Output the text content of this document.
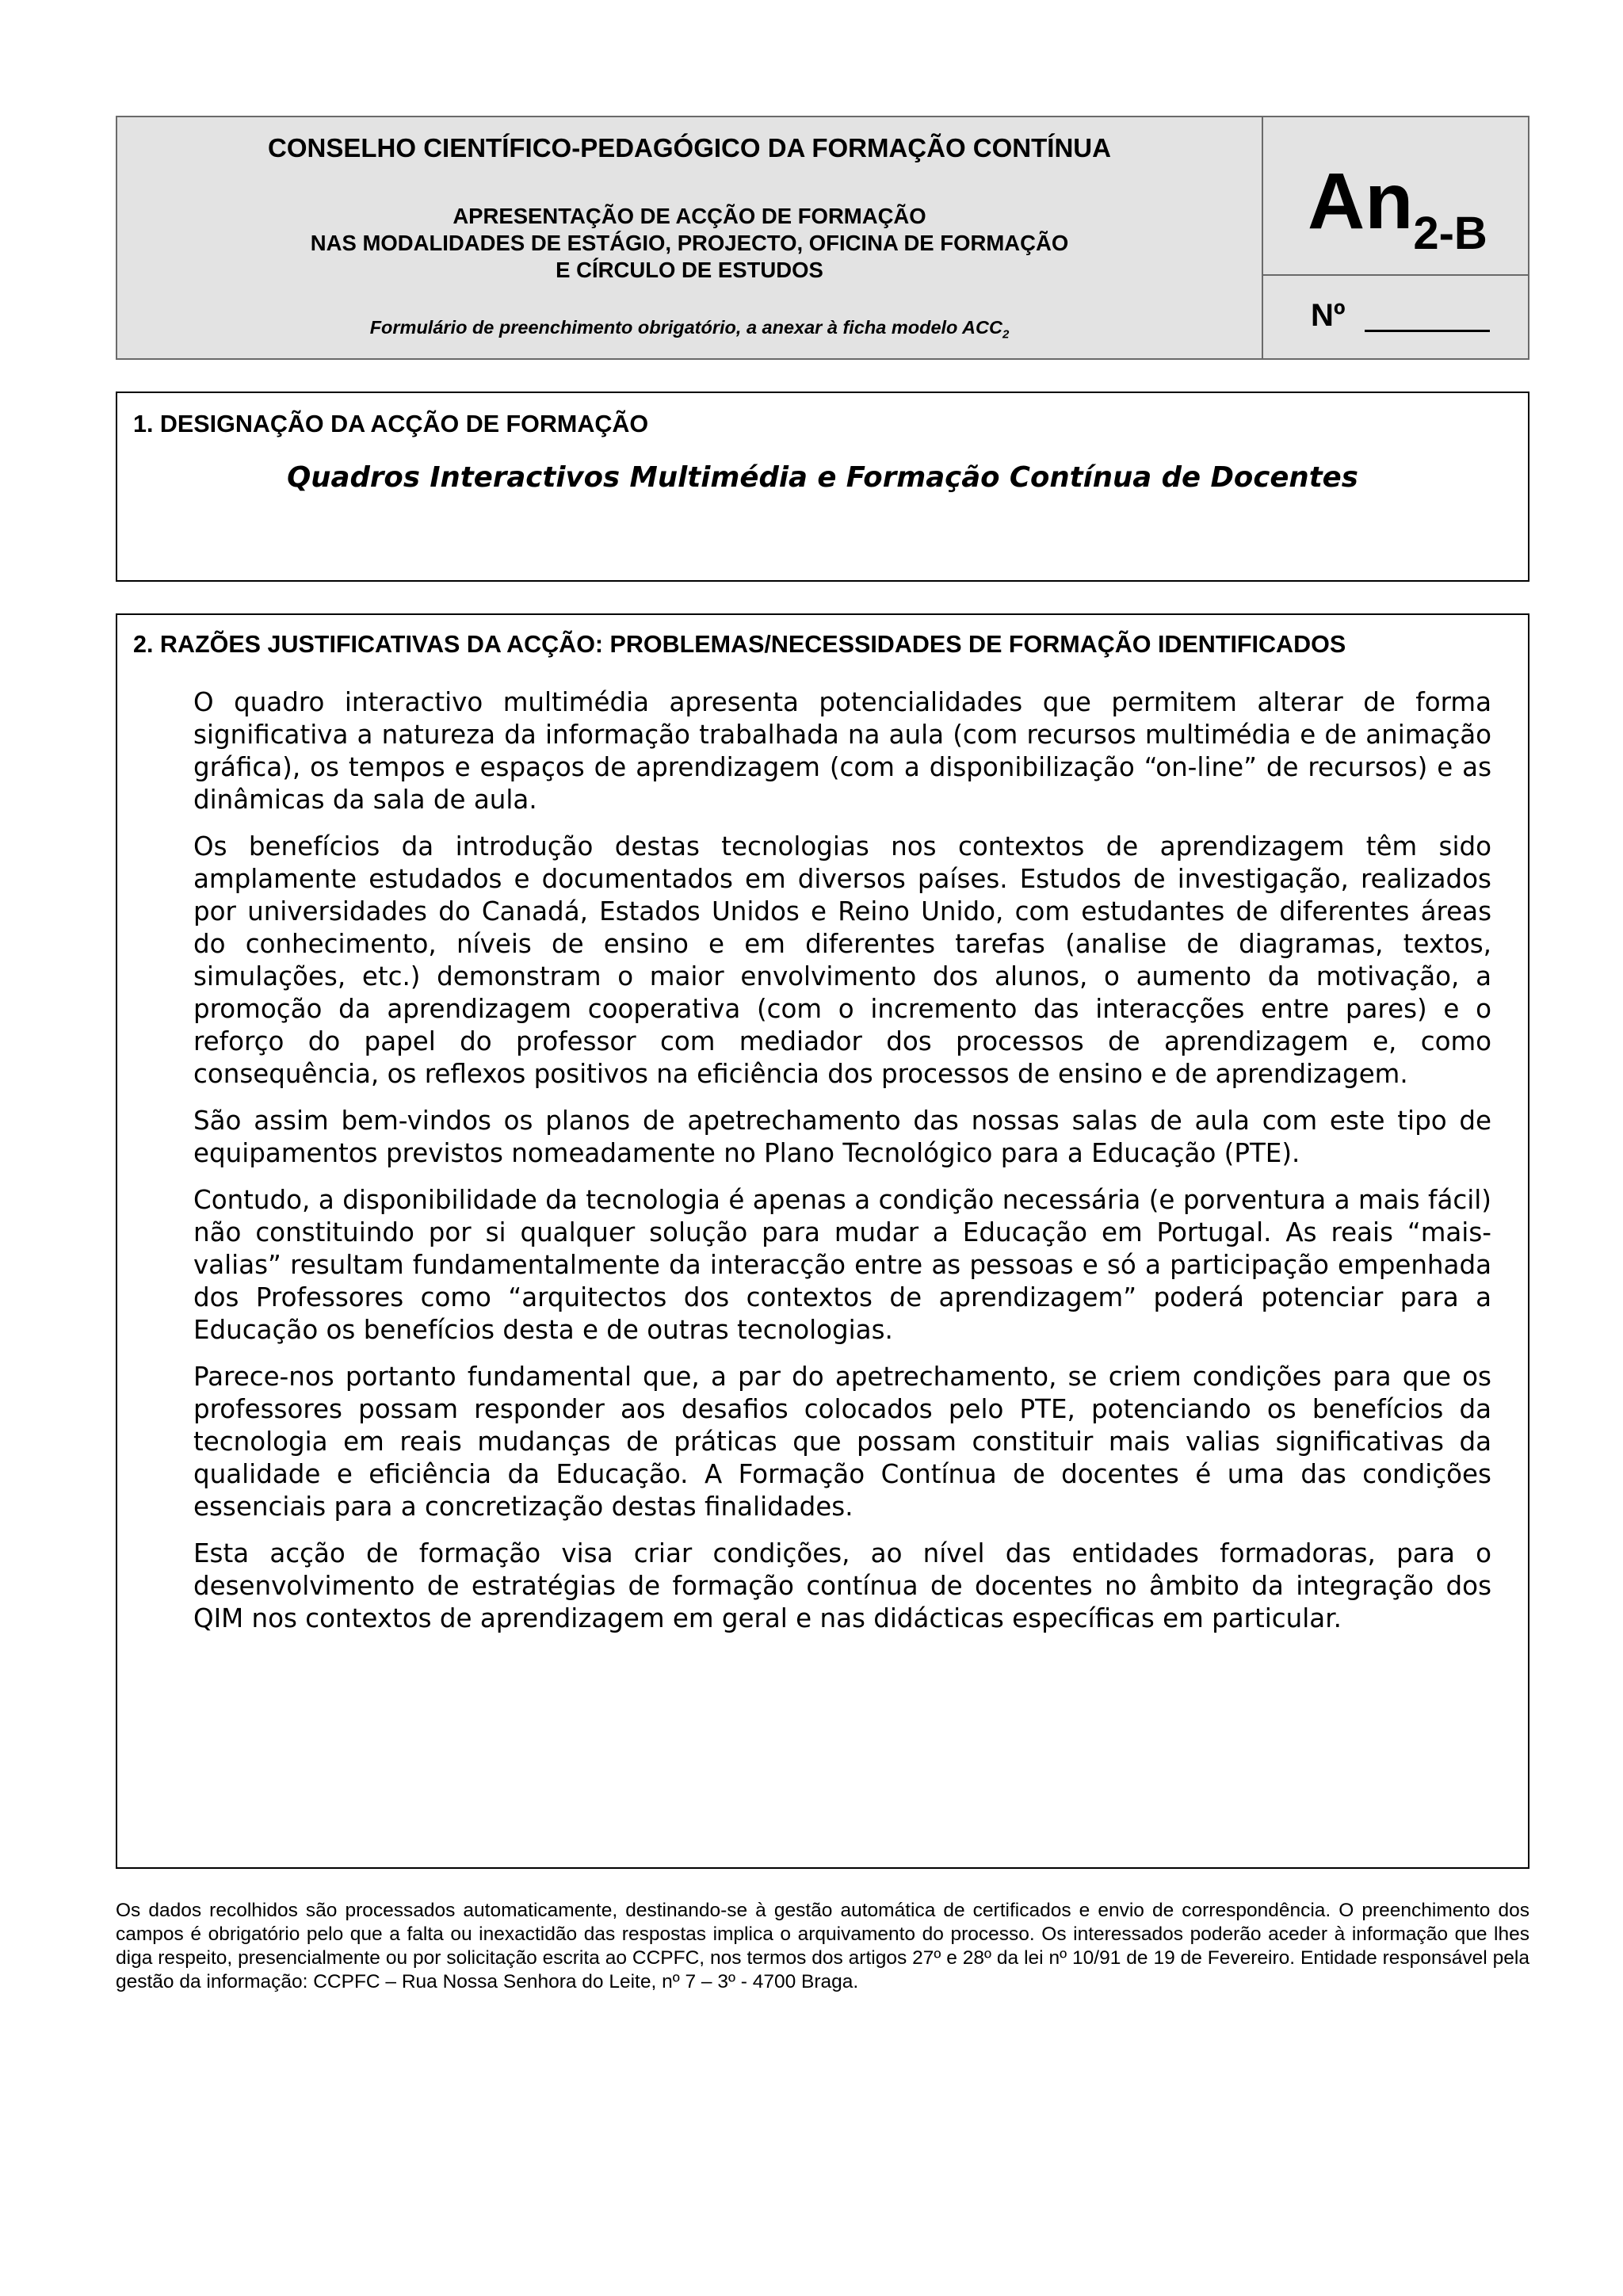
CONSELHO CIENTÍFICO-PEDAGÓGICO DA FORMAÇÃO CONTÍNUA
APRESENTAÇÃO DE ACÇÃO DE FORMAÇÃO
NAS MODALIDADES DE ESTÁGIO, PROJECTO, OFICINA DE FORMAÇÃO
E CÍRCULO DE ESTUDOS
Formulário de preenchimento obrigatório, a anexar à ficha modelo $ACC_2$
$An_{2-B}$
Nº
1. DESIGNAÇÃO DA ACÇÃO DE FORMAÇÃO
Quadros Interactivos Multimédia e Formação Contínua de Docentes
2. RAZÕES JUSTIFICATIVAS DA ACÇÃO: PROBLEMAS/NECESSIDADES DE FORMAÇÃO IDENTIFICADOS

O quadro interactivo multimédia apresenta potencialidades que permitem alterar de forma significativa a natureza da informação trabalhada na aula (com recursos multimédia e de animação gráfica), os tempos e espaços de aprendizagem (com a disponibilização “on-line” de recursos) e as dinâmicas da sala de aula.

Os benefícios da introdução destas tecnologias nos contextos de aprendizagem têm sido amplamente estudados e documentados em diversos países. Estudos de investigação, realizados por universidades do Canadá, Estados Unidos e Reino Unido, com estudantes de diferentes áreas do conhecimento, níveis de ensino e em diferentes tarefas (analise de diagramas, textos, simulações, etc.) demonstram o maior envolvimento dos alunos, o aumento da motivação, a promoção da aprendizagem cooperativa (com o incremento das interacções entre pares) e o reforço do papel do professor com mediador dos processos de aprendizagem e, como consequência, os reflexos positivos na eficiência dos processos de ensino e de aprendizagem.

São assim bem-vindos os planos de apetrechamento das nossas salas de aula com este tipo de equipamentos previstos nomeadamente no Plano Tecnológico para a Educação (PTE).

Contudo, a disponibilidade da tecnologia é apenas a condição necessária (e porventura a mais fácil) não constituindo por si qualquer solução para mudar a Educação em Portugal. As reais “mais-valias” resultam fundamentalmente da interacção entre as pessoas e só a participação empenhada dos Professores como “arquitectos dos contextos de aprendizagem” poderá potenciar para a Educação os benefícios desta e de outras tecnologias.

Parece-nos portanto fundamental que, a par do apetrechamento, se criem condições para que os professores possam responder aos desafios colocados pelo PTE, potenciando os benefícios da tecnologia em reais mudanças de práticas que possam constituir mais valias significativas da qualidade e eficiência da Educação. A Formação Contínua de docentes é uma das condições essenciais para a concretização destas finalidades.

Esta acção de formação visa criar condições, ao nível das entidades formadoras, para o desenvolvimento de estratégias de formação contínua de docentes no âmbito da integração dos QIM nos contextos de aprendizagem em geral e nas didácticas específicas em particular.

Os dados recolhidos são processados automaticamente, destinando-se à gestão automática de certificados e envio de correspondência. O preenchimento dos campos é obrigatório pelo que a falta ou inexactidão das respostas implica o arquivamento do processo. Os interessados poderão aceder à informação que lhes diga respeito, presencialmente ou por solicitação escrita ao CCPFC, nos termos dos artigos 27º e 28º da lei nº 10/91 de 19 de Fevereiro. Entidade responsável pela gestão da informação: CCPFC – Rua Nossa Senhora do Leite, nº 7 – 3º - 4700 Braga.
